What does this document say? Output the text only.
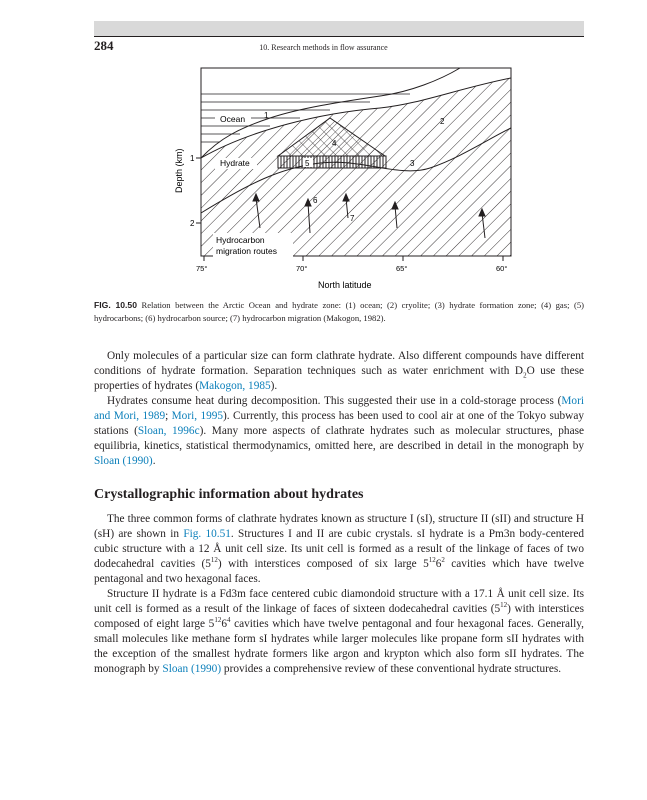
284	10. Research methods in flow assurance
Ocean
Hydrate
Hydrocarbon
migration routes
1
2
3
4
5
6
7
Depth (km) 1
2
75°	70°	65°	60°
North latitude
FIG. 10.50 Relation between the Arctic Ocean and hydrate zone: (1) ocean; (2) cryolite; (3) hydrate formation zone; (4) gas; (5) hydrocarbons; (6) hydrocarbon source; (7) hydrocarbon migration (Makogon, 1982).

Only molecules of a particular size can form clathrate hydrate. Also different compounds have different conditions of hydrate formation. Separation techniques such as water enrichment with $D_2O$ use these properties of hydrates (Makogon, 1985).

Hydrates consume heat during decomposition. This suggested their use in a cold-storage process (Mori and Mori, 1989; Mori, 1995). Currently, this process has been used to cool air at one of the Tokyo subway stations (Sloan, 1996c). Many more aspects of clathrate hydrates such as molecular structures, phase equilibria, kinetics, statistical thermodynamics, omitted here, are described in detail in the monograph by Sloan (1990).

Crystallographic information about hydrates

The three common forms of clathrate hydrates known as structure I (sI), structure II (sII) and structure H (sH) are shown in Fig. 10.51. Structures I and II are cubic crystals. sI hydrate is a Pm3n body-centered cubic structure with a 12 Å unit cell size. Its unit cell is formed as a result of the linkage of faces of two dodecahedral cavities $(5^{12})$ with interstices composed of six large $5^{12}6^2$ cavities which have twelve pentagonal and two hexagonal faces.

Structure II hydrate is a Fd3m face centered cubic diamondoid structure with a 17.1 Å unit cell size. Its unit cell is formed as a result of the linkage of faces of sixteen dodecahedral cavities $(5^{12})$ with interstices composed of eight large $5^{12}6^4$ cavities which have twelve pentagonal and four hexagonal faces. Generally, small molecules like methane form sI hydrates while larger molecules like propane form sII hydrates with the exception of the smallest hydrate formers like argon and krypton which also form sII hydrates. The monograph by Sloan (1990) provides a comprehensive review of these conventional hydrate structures.
